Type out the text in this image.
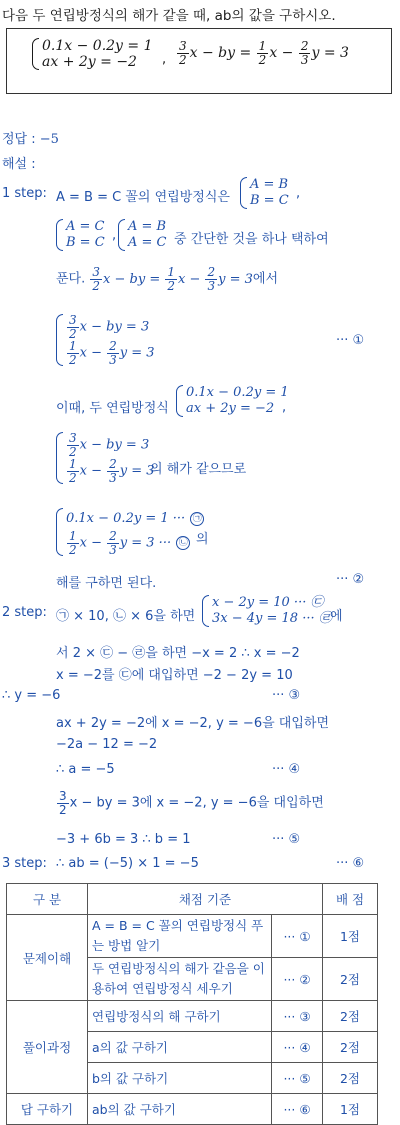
다음 두 연립방정식의 해가 같을 때, ab의 값을 구하시오.
0.1x − 0.2y = 1
ax + 2y = −2	, $\frac{3}{2}$ x − by = $\frac{1}{2}$ $x - \frac{2}{3}$ y = 3
정답 : −5
해설 :
1 step: A = B = C 꼴의 연립방정식은
A = B
B = C ,
A = C
B = C ,
A = B
A = C 중 간단한 것을 하나 택하여
푼다. $\frac{3}{2}$ x − by = $\frac{1}{2}$ $x - \frac{2}{3}$ y = 3에서
$\frac{3}{2}$ x − by = 3
$\frac{1}{2}$ $x - \frac{2}{3}$ y = 3
··· ①
이때, 두 연립방정식
0.1x − 0.2y = 1
ax + 2y = −2 ,
$\frac{3}{2}$ x − by = 3
$\frac{1}{2}$ $x - \frac{2}{3}$ y = 3
의 해가 같으므로
0.1x − 0.2y = 1 ··· ㉠
$\frac{1}{2}$ $x - \frac{2}{3}$ y = 3 ··· ㉡ 의
해를 구하면 된다.	··· ②
2 step: ㉠ × 10, ㉡ × 6을 하면
x − 2y = 10 ··· ㉢
3x − 4y = 18 ··· ㉣
에
서 2 × ㉢ − ㉣을 하면 −x = 2 ∴ x = −2
x = −2를 ㉢에 대입하면 −2 − 2y = 10
∴ y = −6	··· ③
ax + 2y = −2에 x = −2, y = −6을 대입하면
−2a − 12 = −2
∴ a = −5	··· ④
$\frac{3}{2}$ x − by = 3에 x = −2, y = −6을 대입하면
−3 + 6b = 3 ∴ b = 1	··· ⑤
3 step: ∴ ab = (−5) × 1 = −5	··· ⑥
구 분	채점 기준		배 점
문제이해	A = B = C 꼴의 연립방정식 푸는 방법 알기	··· ①	1점
	두 연립방정식의 해가 같음을 이용하여 연립방정식 세우기	··· ②	2점
풀이과정	연립방정식의 해 구하기	··· ③	2점
	a의 값 구하기	··· ④	2점
	b의 값 구하기	··· ⑤	2점
답 구하기	ab의 값 구하기	··· ⑥	1점
